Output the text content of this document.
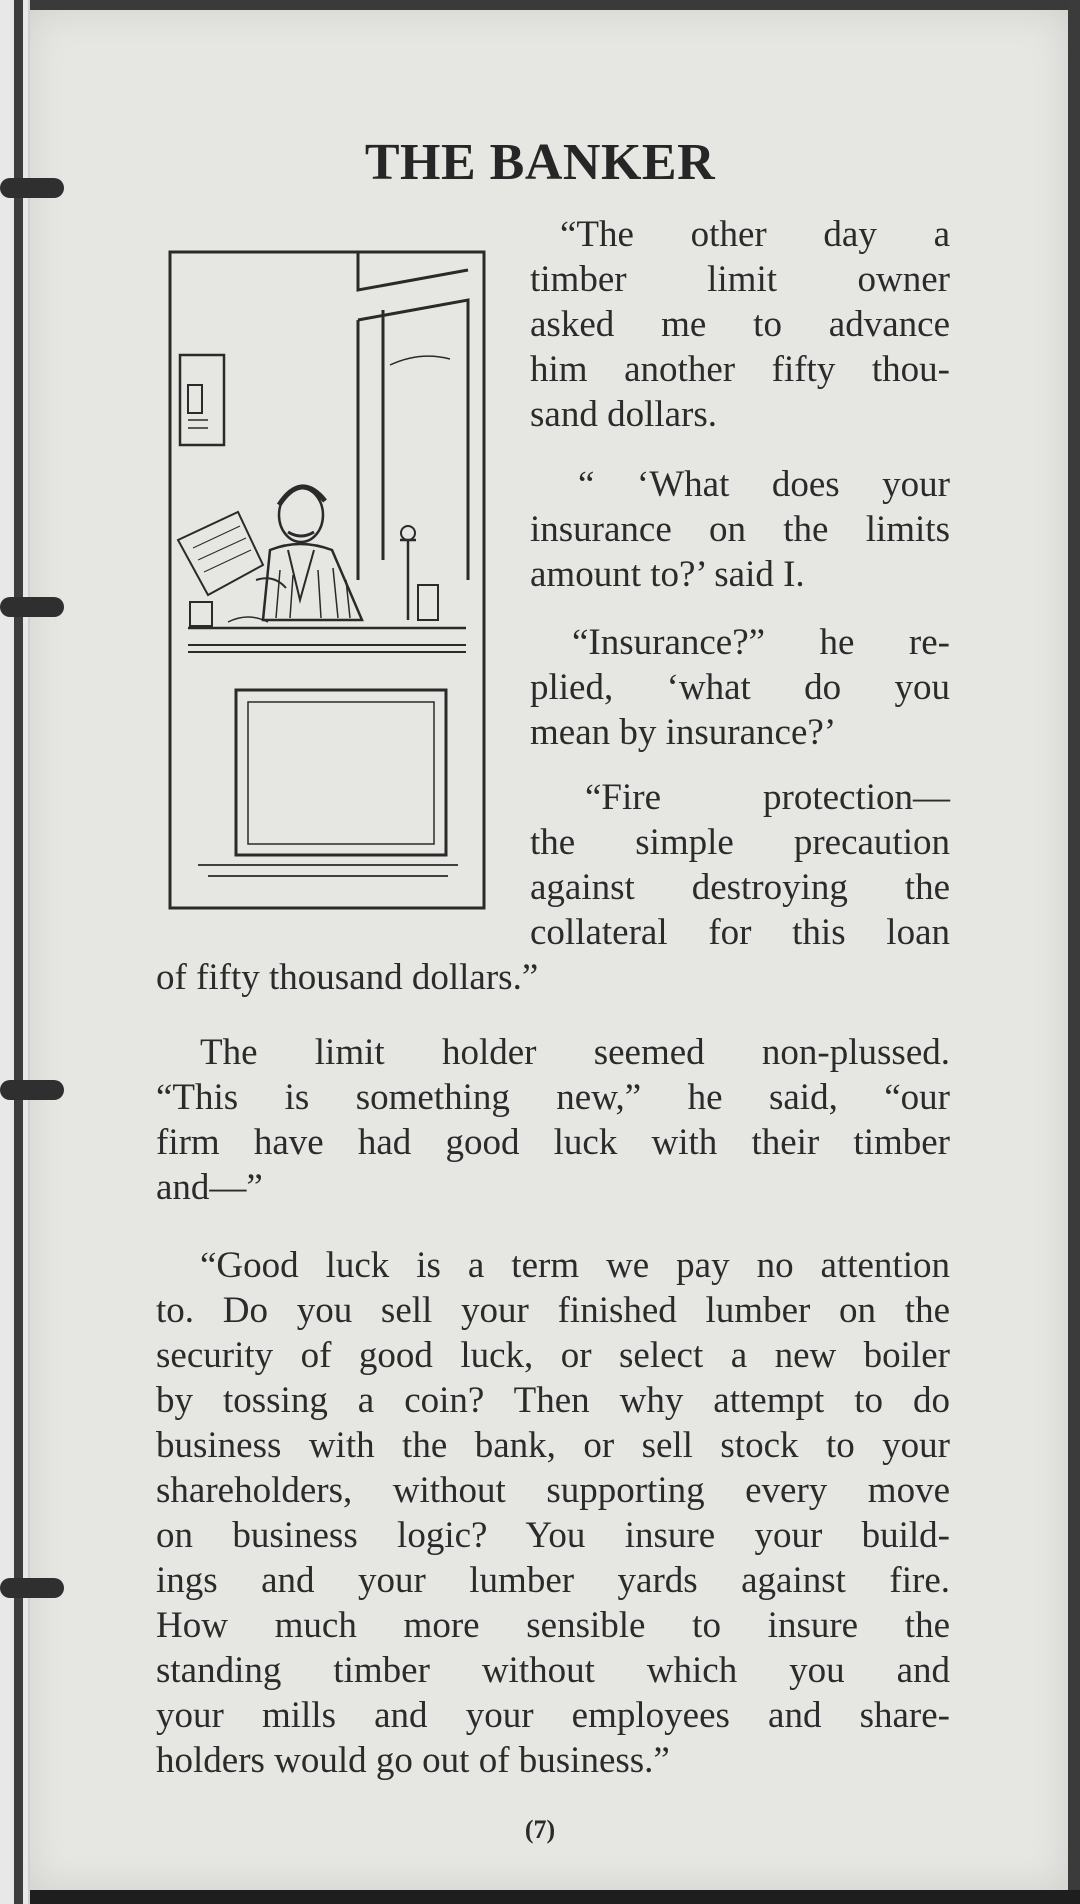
THE BANKER

“The other day a

timber limit owner

asked me to advance

him another fifty thou-

sand dollars.

“ ‘What does your

insurance on the limits

amount to?’ said I.

“Insurance?” he re-

plied, ‘what do you

mean by insurance?’

“Fire protection—

the simple precaution

against destroying the

collateral for this loan

of fifty thousand dollars.”

The limit holder seemed non-plussed.

“This is something new,” he said, “our

firm have had good luck with their timber

and—”

“Good luck is a term we pay no attention

to. Do you sell your finished lumber on the

security of good luck, or select a new boiler

by tossing a coin? Then why attempt to do

business with the bank, or sell stock to your

shareholders, without supporting every move

on business logic? You insure your build-

ings and your lumber yards against fire.

How much more sensible to insure the

standing timber without which you and

your mills and your employees and share-

holders would go out of business.”

(7)
